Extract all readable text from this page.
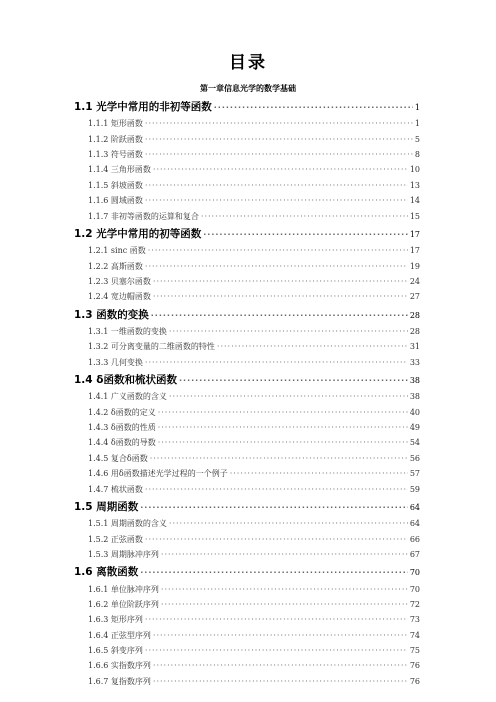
目录
第一章信息光学的数学基础
1.1 光学中常用的非初等函数 ·····	1
1.1.1 矩形函数 ·····	1
1.1.2 阶跃函数 ·····	5
1.1.3 符号函数 ·····	8
1.1.4 三角形函数 ·····	10
1.1.5 斜坡函数 ·····	13
1.1.6 圆域函数 ·····	14
1.1.7 非初等函数的运算和复合 ·····	15
1.2 光学中常用的初等函数 ·····	17
1.2.1 sinc 函数 ·····	17
1.2.2 高斯函数 ·····	19
1.2.3 贝塞尔函数 ·····	24
1.2.4 宽边帽函数 ·····	27
1.3 函数的变换 ·····	28
1.3.1 一维函数的变换 ·····	28
1.3.2 可分离变量的二维函数的特性 ·····	31
1.3.3 几何变换 ·····	33
1.4 δ函数和梳状函数 ·····	38
1.4.1 广义函数的含义 ·····	38
1.4.2 δ函数的定义 ·····	40
1.4.3 δ函数的性质 ·····	49
1.4.4 δ函数的导数 ·····	54
1.4.5 复合δ函数 ·····	56
1.4.6 用δ函数描述光学过程的一个例子 ·····	57
1.4.7 梳状函数 ·····	59
1.5 周期函数 ·····	64
1.5.1 周期函数的含义 ·····	64
1.5.2 正弦函数 ·····	66
1.5.3 周期脉冲序列 ·····	67
1.6 离散函数 ·····	70
1.6.1 单位脉冲序列 ·····	70
1.6.2 单位阶跃序列 ·····	72
1.6.3 矩形序列 ·····	73
1.6.4 正弦型序列 ·····	74
1.6.5 斜变序列 ·····	75
1.6.6 实指数序列 ·····	76
1.6.7 复指数序列 ·····	76
